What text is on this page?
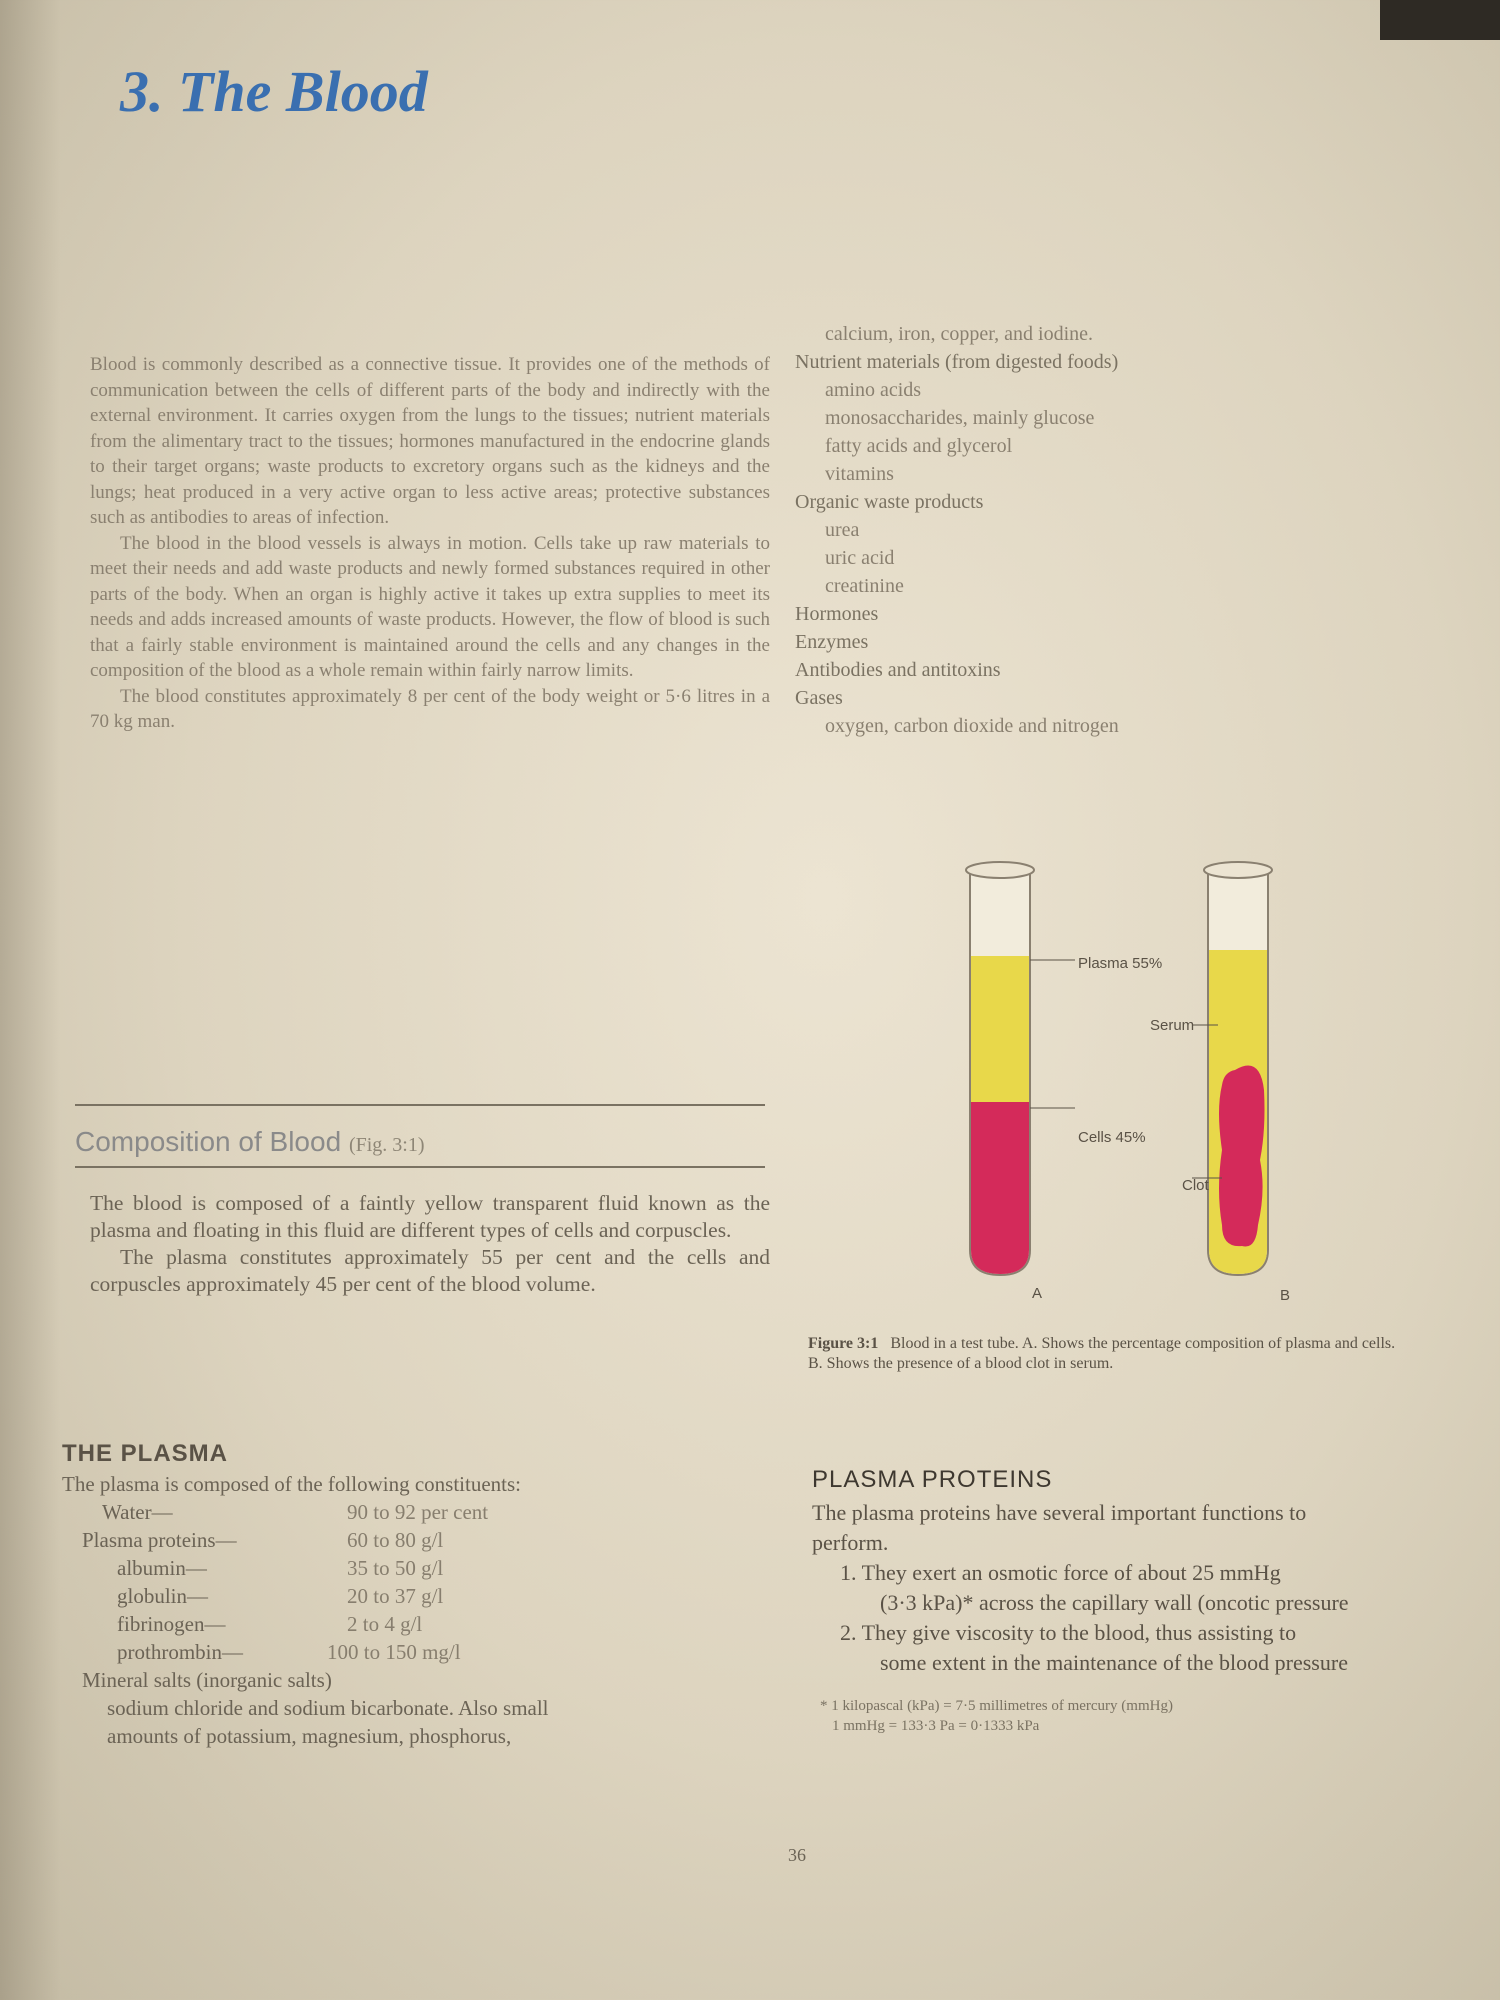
3. The Blood

Blood is commonly described as a connective tissue. It provides one of the methods of communication between the cells of different parts of the body and indirectly with the external environment. It carries oxygen from the lungs to the tissues; nutrient materials from the alimentary tract to the tissues; hormones manufactured in the endocrine glands to their target organs; waste products to excretory organs such as the kidneys and the lungs; heat produced in a very active organ to less active areas; protective substances such as antibodies to areas of infection.

The blood in the blood vessels is always in motion. Cells take up raw materials to meet their needs and add waste products and newly formed substances required in other parts of the body. When an organ is highly active it takes up extra supplies to meet its needs and adds increased amounts of waste products. However, the flow of blood is such that a fairly stable environment is maintained around the cells and any changes in the composition of the blood as a whole remain within fairly narrow limits.

The blood constitutes approximately 8 per cent of the body weight or 5·6 litres in a 70 kg man.

Composition of Blood (Fig. 3:1)

The blood is composed of a faintly yellow transparent fluid known as the plasma and floating in this fluid are different types of cells and corpuscles.

The plasma constitutes approximately 55 per cent and the cells and corpuscles approximately 45 per cent of the blood volume.

THE PLASMA
The plasma is composed of the following constituents:
Water—	90 to 92 per cent
Plasma proteins—	60 to 80 g/l
albumin—	35 to 50 g/l
globulin—	20 to 37 g/l
fibrinogen—	2 to 4 g/l
prothrombin—	100 to 150 mg/l
Mineral salts (inorganic salts)
sodium chloride and sodium bicarbonate. Also small
amounts of potassium, magnesium, phosphorus,
calcium, iron, copper, and iodine.
Nutrient materials (from digested foods)
amino acids
monosaccharides, mainly glucose
fatty acids and glycerol
vitamins
Organic waste products
urea
uric acid
creatinine
Hormones
Enzymes
Antibodies and antitoxins
Gases
oxygen, carbon dioxide and nitrogen
Plasma 55%
Serum
Cells 45%
Clot
A	B
Figure 3:1 Blood in a test tube. A. Shows the percentage composition of plasma and cells. B. Shows the presence of a blood clot in serum.
PLASMA PROTEINS
The plasma proteins have several important functions to
perform.
1. They exert an osmotic force of about 25 mmHg
(3·3 kPa)* across the capillary wall (oncotic pressure
2. They give viscosity to the blood, thus assisting to
some extent in the maintenance of the blood pressure
* 1 kilopascal (kPa) = 7·5 millimetres of mercury (mmHg)
1 mmHg = 133·3 Pa = 0·1333 kPa
36
